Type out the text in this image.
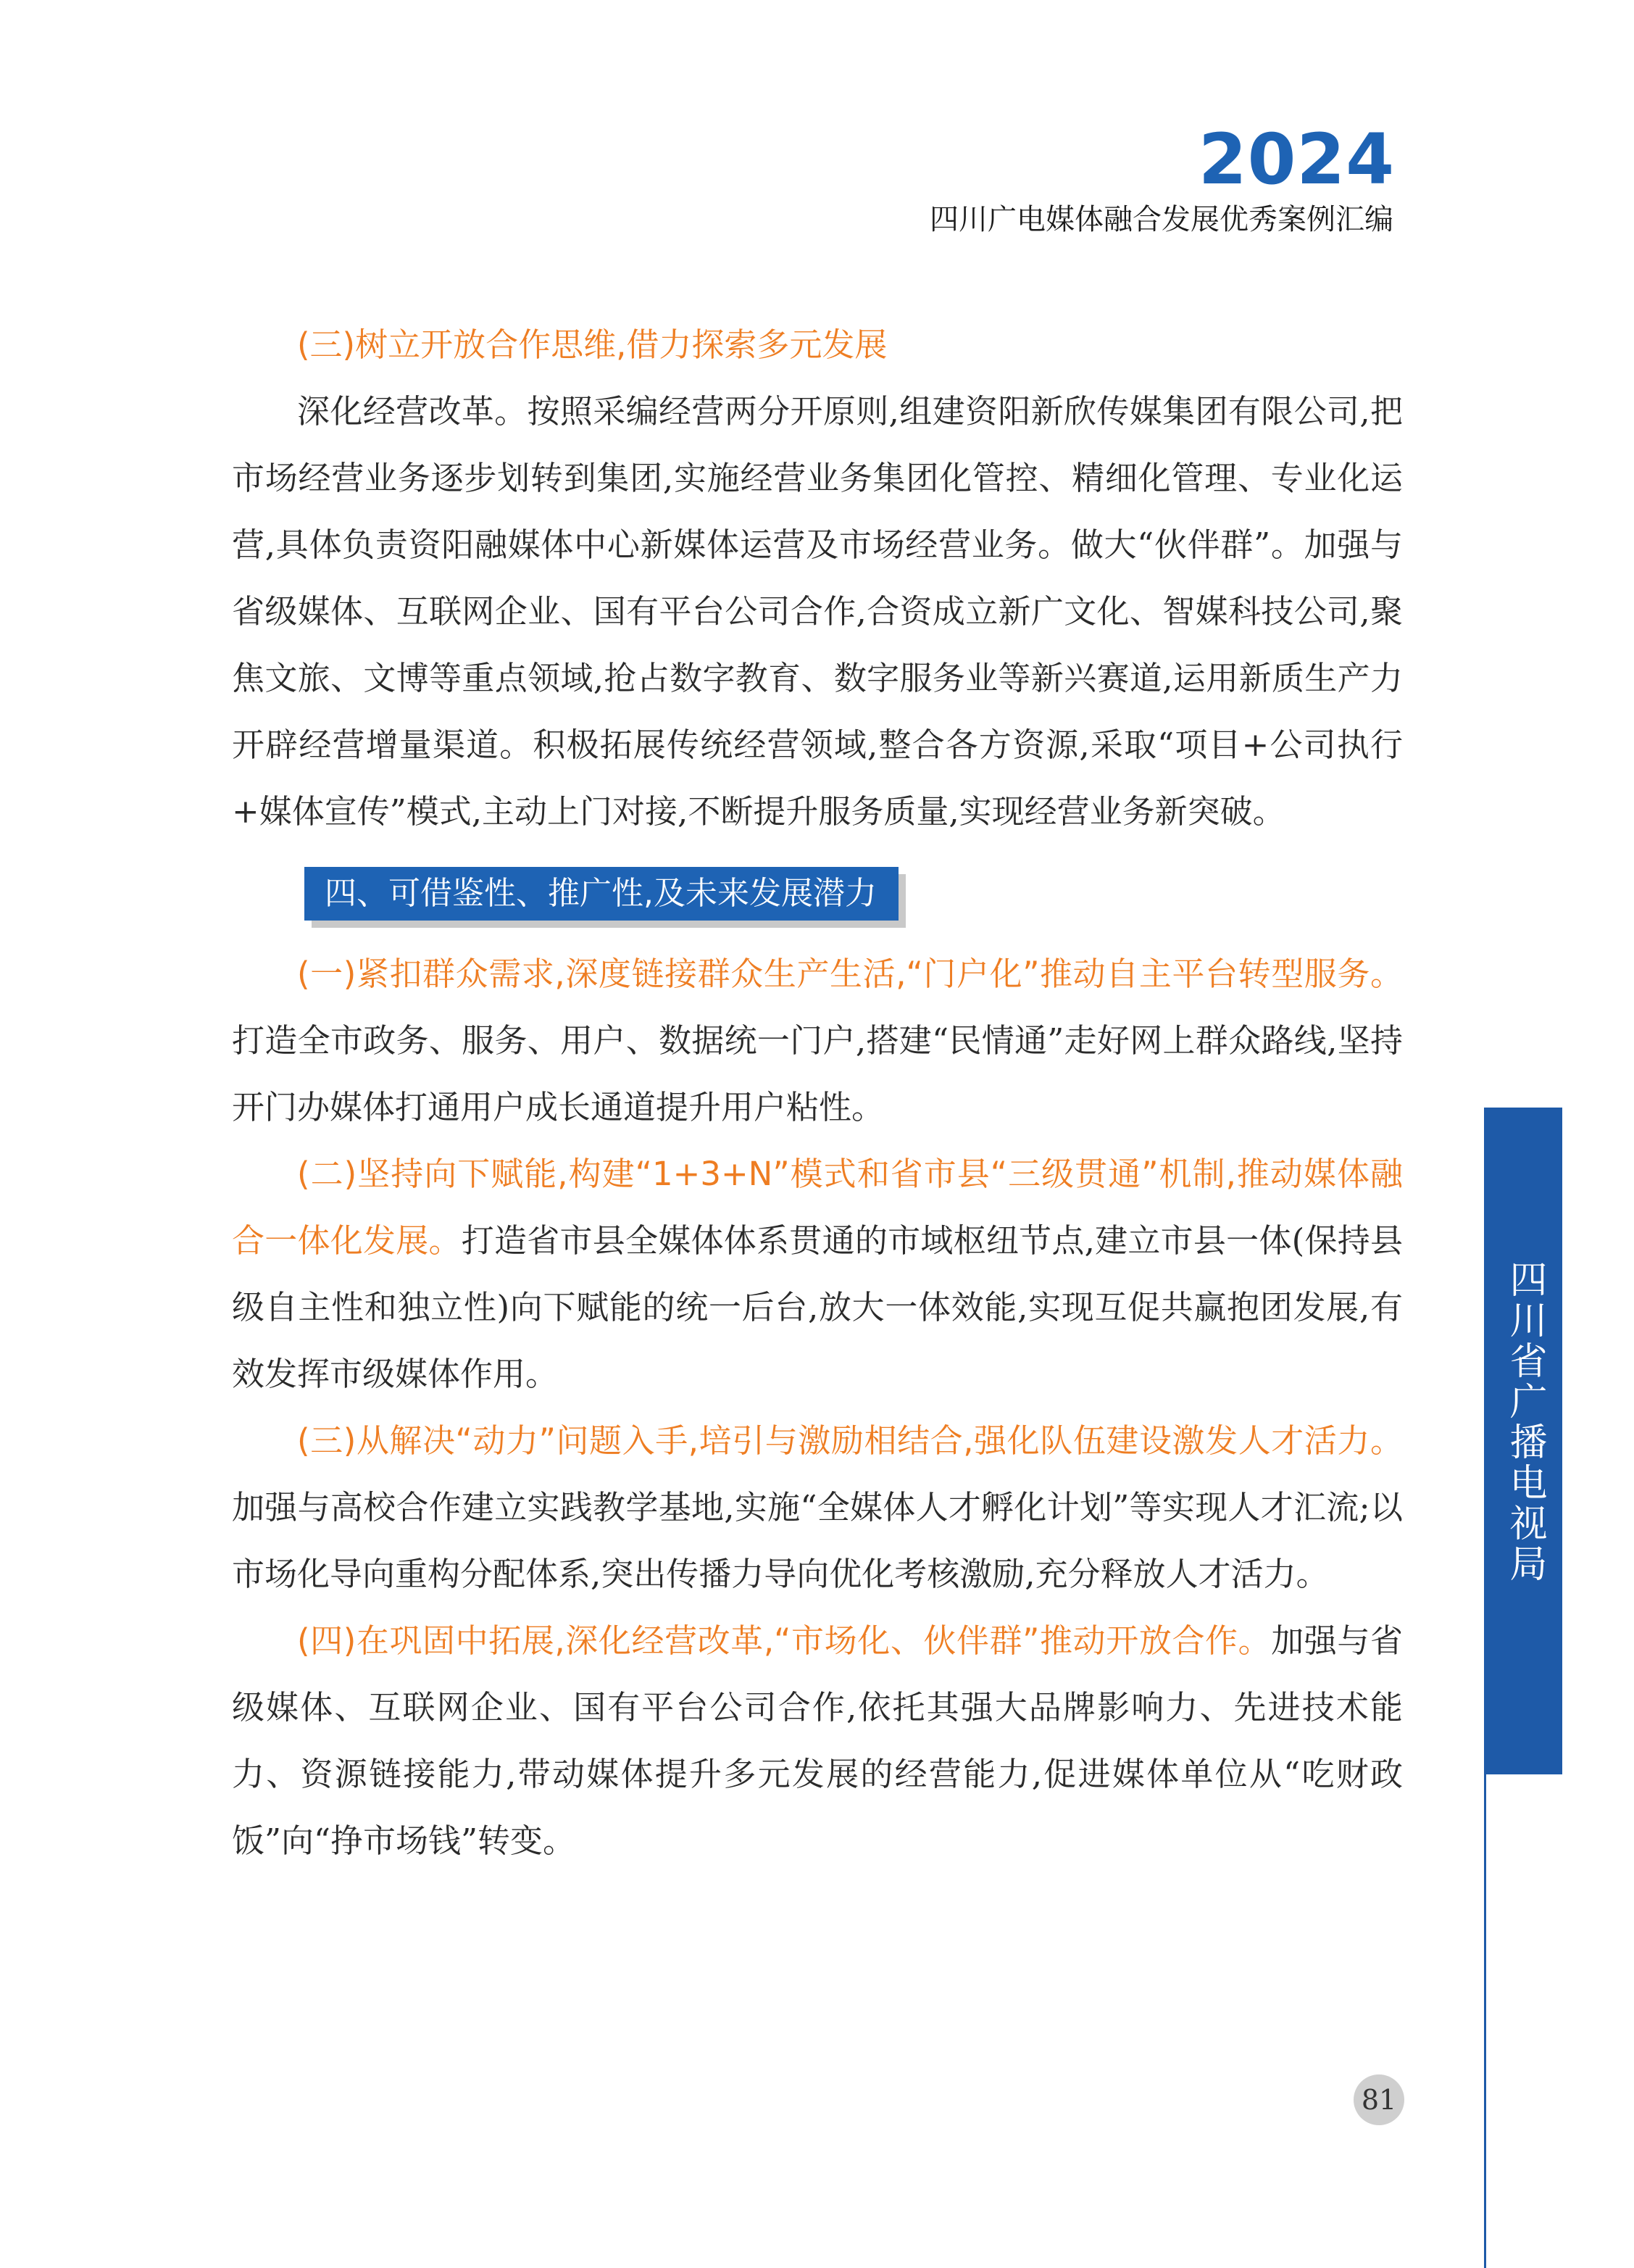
2024
四川广电媒体融合发展优秀案例汇编
(三)树立开放合作思维,借力探索多元发展

深化经营改革。按照采编经营两分开原则,组建资阳新欣传媒集团有限公司,把市场经营业务逐步划转到集团,实施经营业务集团化管控、精细化管理、专业化运营,具体负责资阳融媒体中心新媒体运营及市场经营业务。做大“伙伴群”。加强与省级媒体、互联网企业、国有平台公司合作,合资成立新广文化、智媒科技公司,聚焦文旅、文博等重点领域,抢占数字教育、数字服务业等新兴赛道,运用新质生产力开辟经营增量渠道。积极拓展传统经营领域,整合各方资源,采取“项目+公司执行+媒体宣传”模式,主动上门对接,不断提升服务质量,实现经营业务新突破。

四、可借鉴性、推广性,及未来发展潜力

(一)紧扣群众需求,深度链接群众生产生活,“门户化”推动自主平台转型服务。打造全市政务、服务、用户、数据统一门户,搭建“民情通”走好网上群众路线,坚持开门办媒体打通用户成长通道提升用户粘性。

(二)坚持向下赋能,构建“1+3+N”模式和省市县“三级贯通”机制,推动媒体融合一体化发展。打造省市县全媒体体系贯通的市域枢纽节点,建立市县一体(保持县级自主性和独立性)向下赋能的统一后台,放大一体效能,实现互促共赢抱团发展,有效发挥市级媒体作用。

(三)从解决“动力”问题入手,培引与激励相结合,强化队伍建设激发人才活力。加强与高校合作建立实践教学基地,实施“全媒体人才孵化计划”等实现人才汇流;以市场化导向重构分配体系,突出传播力导向优化考核激励,充分释放人才活力。

(四)在巩固中拓展,深化经营改革,“市场化、伙伴群”推动开放合作。加强与省级媒体、互联网企业、国有平台公司合作,依托其强大品牌影响力、先进技术能力、资源链接能力,带动媒体提升多元发展的经营能力,促进媒体单位从“吃财政饭”向“挣市场钱”转变。

四川省广播电视局
81
